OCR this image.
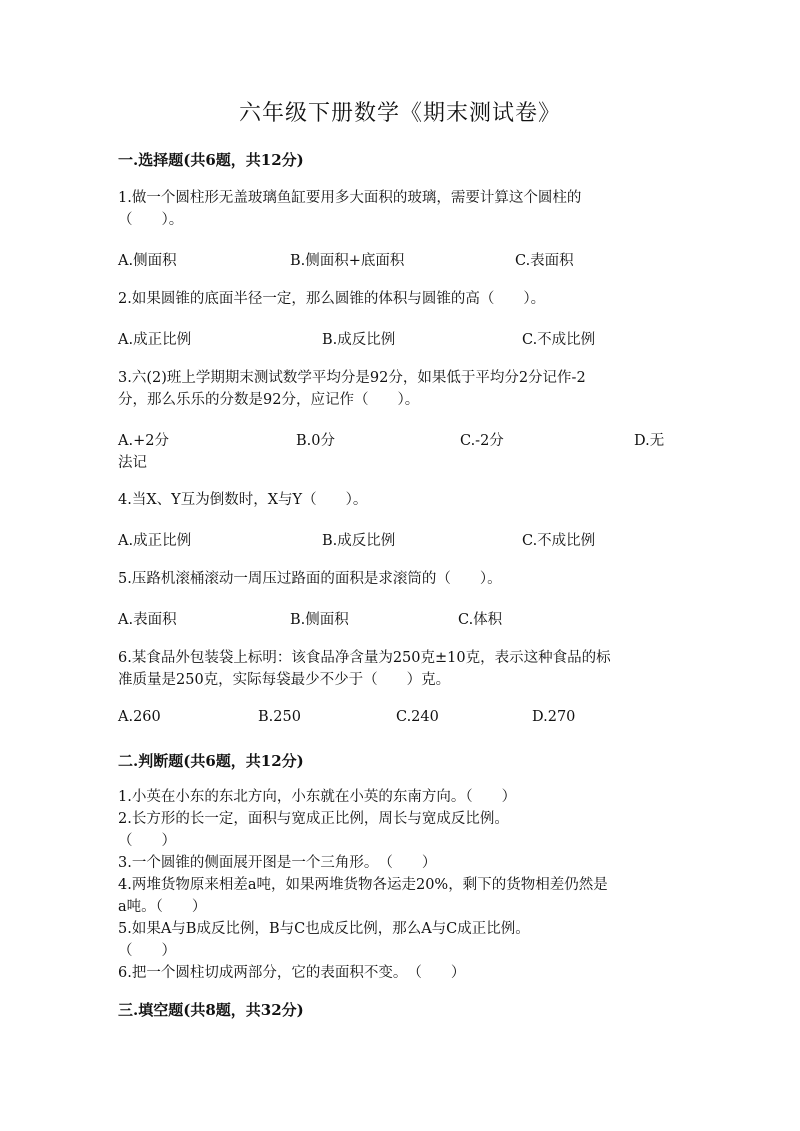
六年级下册数学《期末测试卷》
一.选择题(共6题，共12分)
1.做一个圆柱形无盖玻璃鱼缸要用多大面积的玻璃，需要计算这个圆柱的
（　　）。
A.侧面积	B.侧面积+底面积	C.表面积
2.如果圆锥的底面半径一定，那么圆锥的体积与圆锥的高（　　）。
A.成正比例	B.成反比例	C.不成比例
3.六(2)班上学期期末测试数学平均分是92分，如果低于平均分2分记作-2
分，那么乐乐的分数是92分，应记作（　　）。
A.+2分	B.0分	C.-2分	D.无
法记
4.当X、Y互为倒数时，X与Y（　　）。
A.成正比例	B.成反比例	C.不成比例
5.压路机滚桶滚动一周压过路面的面积是求滚筒的（　　）。
A.表面积	B.侧面积	C.体积
6.某食品外包装袋上标明：该食品净含量为250克±10克，表示这种食品的标
准质量是250克，实际每袋最少不少于（　　）克。
A.260	B.250	C.240	D.270
二.判断题(共6题，共12分)
1.小英在小东的东北方向，小东就在小英的东南方向。（　　）
2.长方形的长一定，面积与宽成正比例，周长与宽成反比例。
（　　）
3.一个圆锥的侧面展开图是一个三角形。　（　　）
4.两堆货物原来相差a吨，如果两堆货物各运走20%，剩下的货物相差仍然是
a吨。（　　）
5.如果A与B成反比例，B与C也成反比例，那么A与C成正比例。
（　　）
6.把一个圆柱切成两部分，它的表面积不变。　（　　）
三.填空题(共8题，共32分)
